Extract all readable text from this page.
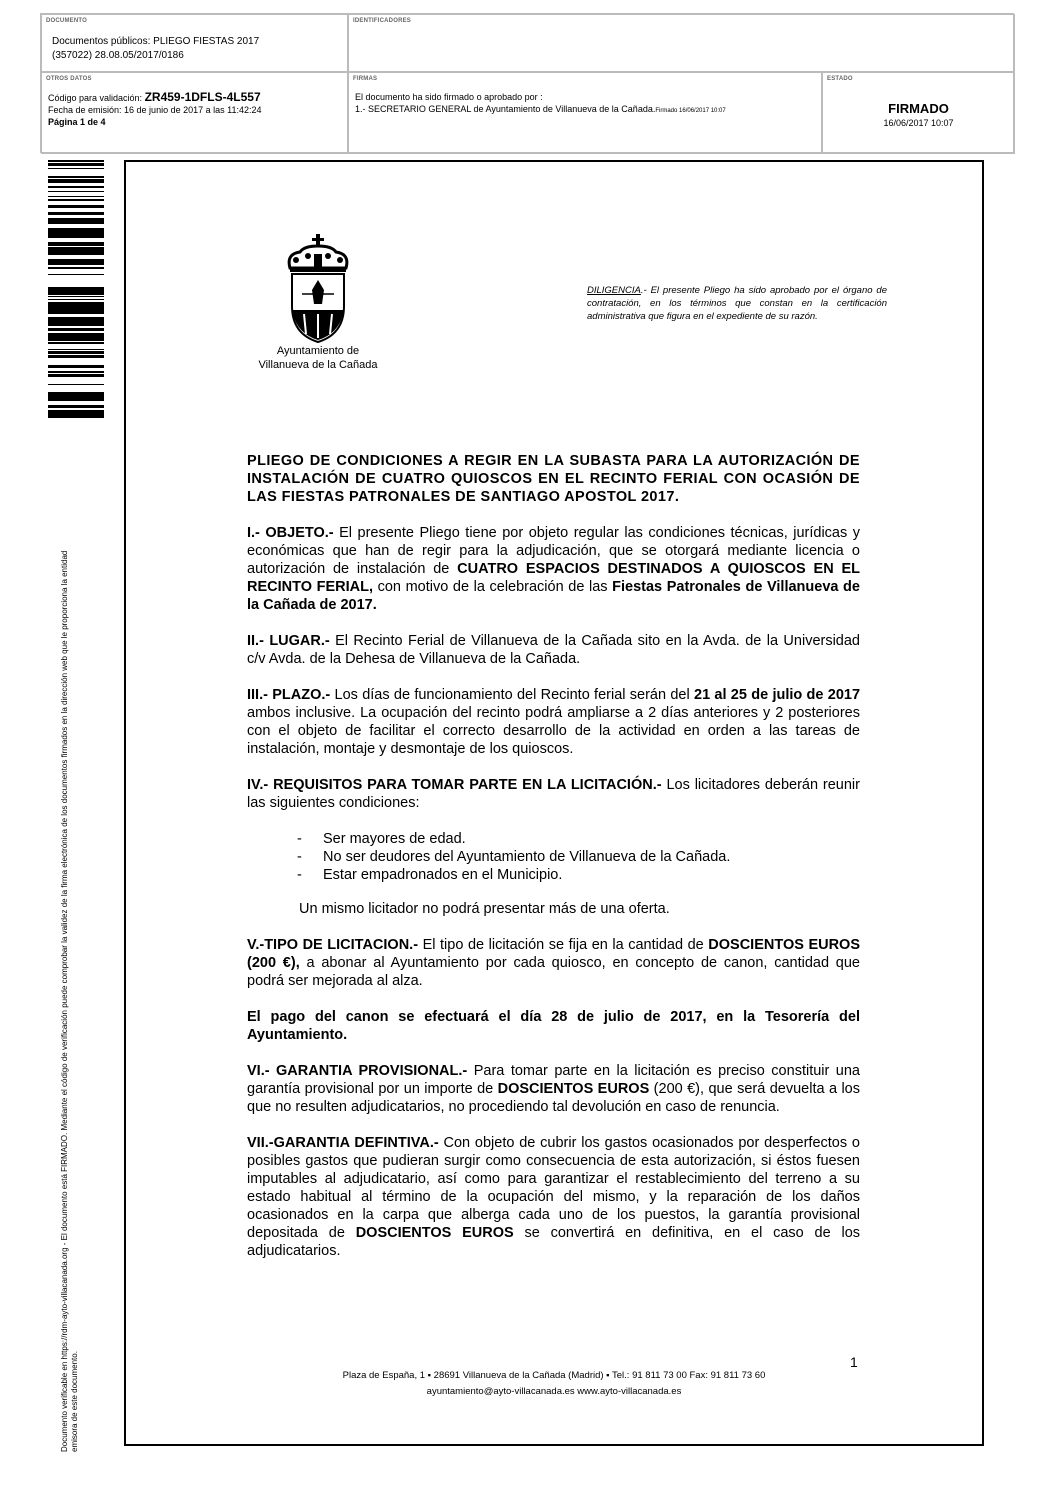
DOCUMENTO
Documentos públicos: PLIEGO FIESTAS 2017
(357022) 28.08.05/2017/0186
IDENTIFICADORES
OTROS DATOS
Código para validación: ZR459-1DFLS-4L557
Fecha de emisión: 16 de junio de 2017 a las 11:42:24
Página 1 de 4
FIRMAS
El documento ha sido firmado o aprobado por :
1.- SECRETARIO GENERAL de Ayuntamiento de Villanueva de la Cañada.Firmado 16/06/2017 10:07
ESTADO
FIRMADO
16/06/2017 10:07
Documento verificable en https://rdm-ayto-villacanada.org - El documento está FIRMADO. Mediante el código de verificación puede comprobar la validez de la firma electrónica de los documentos firmados en la dirección web que le proporciona la entidad emisora de este documento.
Ayuntamiento de
Villanueva de la Cañada
DILIGENCIA.- El presente Pliego ha sido aprobado por el órgano de contratación, en los términos que constan en la certificación administrativa que figura en el expediente de su razón.
PLIEGO DE CONDICIONES A REGIR EN LA SUBASTA PARA LA AUTORIZACIÓN DE INSTALACIÓN DE CUATRO QUIOSCOS EN EL RECINTO FERIAL CON OCASIÓN DE LAS FIESTAS PATRONALES DE SANTIAGO APOSTOL 2017.
I.- OBJETO.- El presente Pliego tiene por objeto regular las condiciones técnicas, jurídicas y económicas que han de regir para la adjudicación, que se otorgará mediante licencia o autorización de instalación de CUATRO ESPACIOS DESTINADOS A QUIOSCOS EN EL RECINTO FERIAL, con motivo de la celebración de las Fiestas Patronales de Villanueva de la Cañada de 2017.
II.- LUGAR.- El Recinto Ferial de Villanueva de la Cañada sito en la Avda. de la Universidad c/v Avda. de la Dehesa de Villanueva de la Cañada.
III.- PLAZO.- Los días de funcionamiento del Recinto ferial serán del 21 al 25 de julio de 2017 ambos inclusive. La ocupación del recinto podrá ampliarse a 2 días anteriores y 2 posteriores con el objeto de facilitar el correcto desarrollo de la actividad en orden a las tareas de instalación, montaje y desmontaje de los quioscos.
IV.- REQUISITOS PARA TOMAR PARTE EN LA LICITACIÓN.- Los licitadores deberán reunir las siguientes condiciones:
- Ser mayores de edad.
- No ser deudores del Ayuntamiento de Villanueva de la Cañada.
- Estar empadronados en el Municipio.
Un mismo licitador no podrá presentar más de una oferta.
V.-TIPO DE LICITACION.- El tipo de licitación se fija en la cantidad de DOSCIENTOS EUROS (200 €), a abonar al Ayuntamiento por cada quiosco, en concepto de canon, cantidad que podrá ser mejorada al alza.
El pago del canon se efectuará el día 28 de julio de 2017, en la Tesorería del Ayuntamiento.
VI.- GARANTIA PROVISIONAL.- Para tomar parte en la licitación es preciso constituir una garantía provisional por un importe de DOSCIENTOS EUROS (200 €), que será devuelta a los que no resulten adjudicatarios, no procediendo tal devolución en caso de renuncia.
VII.-GARANTIA DEFINTIVA.- Con objeto de cubrir los gastos ocasionados por desperfectos o posibles gastos que pudieran surgir como consecuencia de esta autorización, si éstos fuesen imputables al adjudicatario, así como para garantizar el restablecimiento del terreno a su estado habitual al término de la ocupación del mismo, y la reparación de los daños ocasionados en la carpa que alberga cada uno de los puestos, la garantía provisional depositada de DOSCIENTOS EUROS se convertirá en definitiva, en el caso de los adjudicatarios.
1
Plaza de España, 1 ▪ 28691 Villanueva de la Cañada (Madrid) ▪ Tel.: 91 811 73 00 Fax: 91 811 73 60
ayuntamiento@ayto-villacanada.es www.ayto-villacanada.es
